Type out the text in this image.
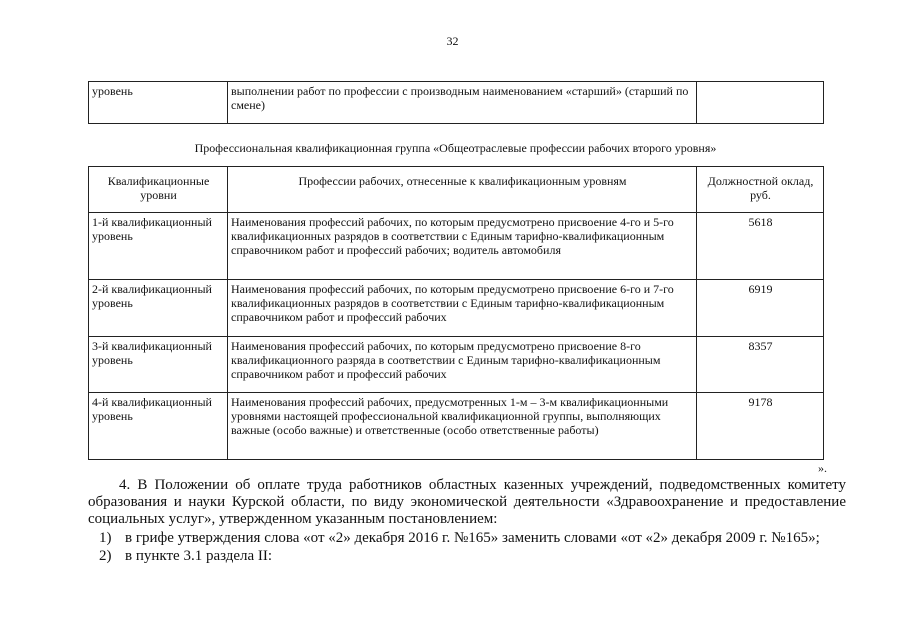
32
уровень	выполнении работ по профессии с производным наименованием «старший» (старший по смене)	
Профессиональная квалификационная группа «Общеотраслевые профессии рабочих второго уровня»
Квалификационные уровни	Профессии рабочих, отнесенные к квалификационным уровням	Должностной оклад, руб.
1-й квалификационный уровень	Наименования профессий рабочих, по которым предусмотрено присвоение 4-го и 5-го квалификационных разрядов в соответствии с Единым тарифно-квалификационным справочником работ и профессий рабочих; водитель автомобиля	5618
2-й квалификационный уровень	Наименования профессий рабочих, по которым предусмотрено присвоение 6-го и 7-го квалификационных разрядов в соответствии с Единым тарифно-квалификационным справочником работ и профессий рабочих	6919
3-й квалификационный уровень	Наименования профессий рабочих, по которым предусмотрено присвоение 8-го квалификационного разряда в соответствии с Единым тарифно-квалификационным справочником работ и профессий рабочих	8357
4-й квалификационный уровень	Наименования профессий рабочих, предусмотренных 1-м – 3-м квалификационными уровнями настоящей профессиональной квалификационной группы, выполняющих важные (особо важные) и ответственные (особо ответственные работы)	9178
».

4. В Положении об оплате труда работников областных казенных учреждений, подведомственных комитету образования и науки Курской области, по виду экономической деятельности «Здравоохранение и предоставление социальных услуг», утвержденном указанным постановлением:

1) в грифе утверждения слова «от «2» декабря 2016 г. №165» заменить словами «от «2» декабря 2009 г. №165»;
2) в пункте 3.1 раздела II:
